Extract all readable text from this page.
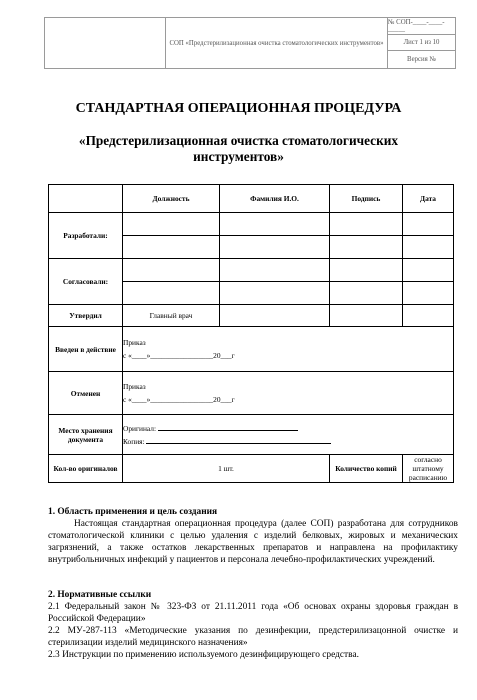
СОП «Предстерилизационная очистка стоматологических инструментов»
№ СОП-____-____-_____
Лист 1 из 10
Версия №
СТАНДАРТНАЯ ОПЕРАЦИОННАЯ ПРОЦЕДУРА
«Предстерилизационная очистка стоматологических инструментов»
	Должность	Фамилия И.О.	Подпись	Дата
Разработали:				

Согласовали:				

Утвердил	Главный врач			
Введен в действие	Приказ
с «____»_________________20___г			

Отменен	Приказ
с «____»_________________20___г			

Место хранения документа	Оригинал:
Копия:			

Кол-во оригиналов	1 шт.		Количество копий	согласно штатному расписанию
1. Область применения и цель создания
Настоящая стандартная операционная процедура (далее СОП) разработана для сотрудников стоматологической клиники с целью удаления с изделий белковых, жировых и механических загрязнений, а также остатков лекарственных препаратов и направлена на профилактику внутрибольничных инфекций у пациентов и персонала лечебно-профилактических учреждений.
2. Нормативные ссылки
2.1 Федеральный закон № 323-ФЗ от 21.11.2011 года «Об основах охраны здоровья граждан в Российской Федерации»
2.2 МУ-287-113 «Методические указания по дезинфекции, предстерилизацонной очистке и стерилизации изделий медицинского назначения»
2.3 Инструкции по применению используемого дезинфицирующего средства.
